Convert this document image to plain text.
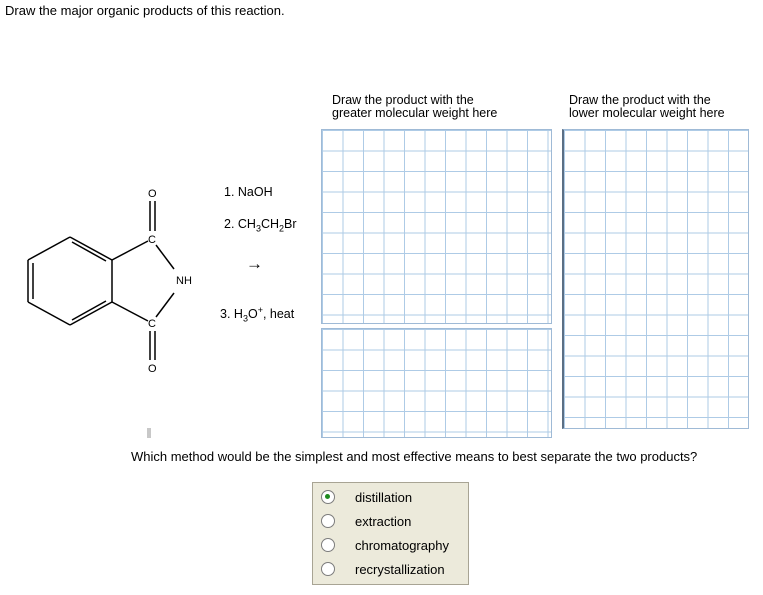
Draw the major organic products of this reaction.
O
C
NH
C
O
1. NaOH
2. $CH_3CH_2Br$
→
3. $H_3O^+$, heat
Draw the product with the
greater molecular weight here
Draw the product with the
lower molecular weight here
Which method would be the simplest and most effective means to best separate the two products?
distillation
extraction
chromatography
recrystallization
